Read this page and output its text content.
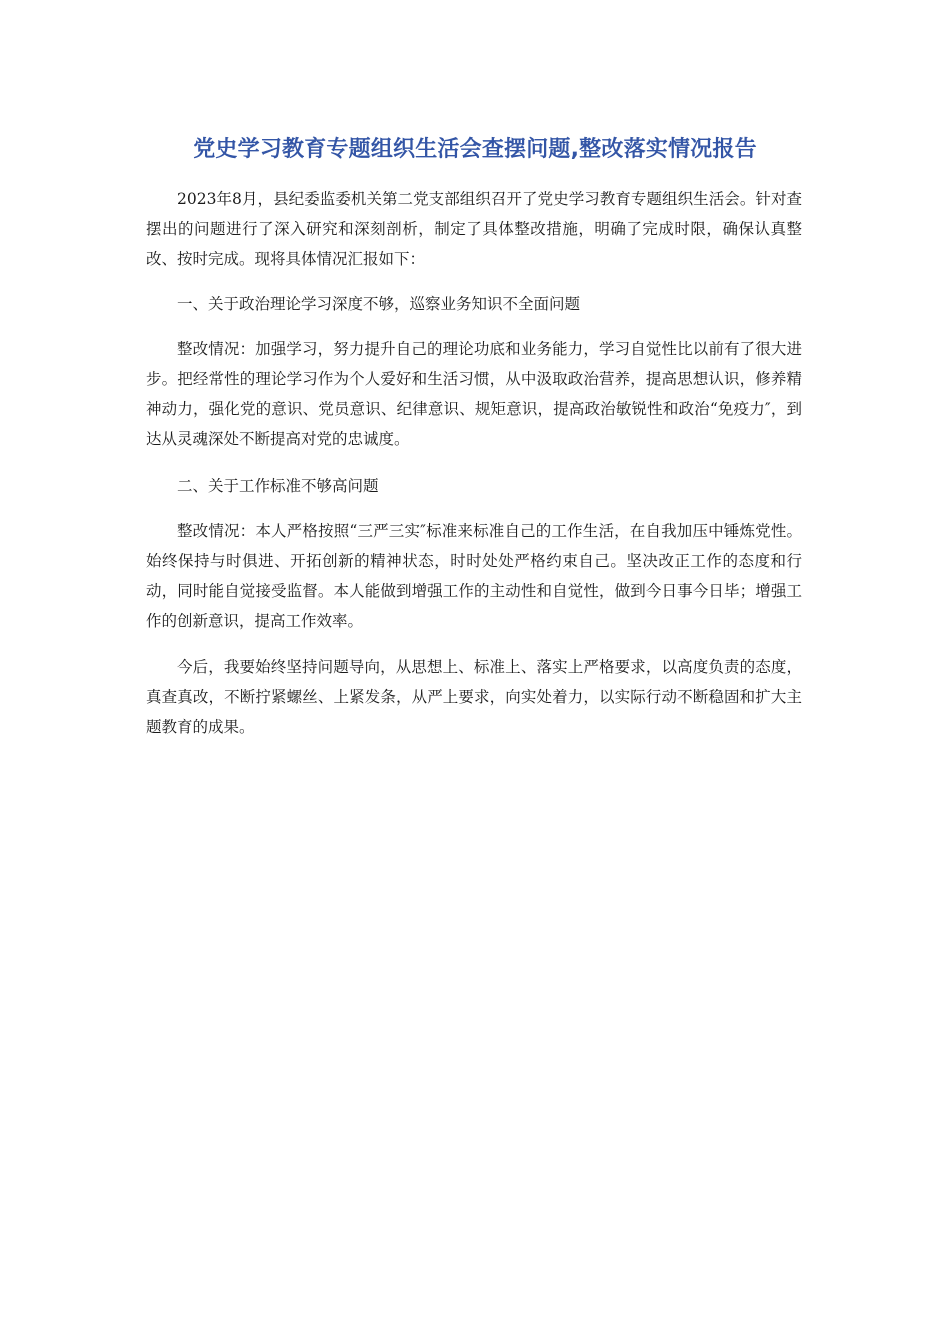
党史学习教育专题组织生活会查摆问题,整改落实情况报告

2023年8月，县纪委监委机关第二党支部组织召开了党史学习教育专题组织生活会。针对查摆出的问题进行了深入研究和深刻剖析，制定了具体整改措施，明确了完成时限，确保认真整改、按时完成。现将具体情况汇报如下：

一、关于政治理论学习深度不够，巡察业务知识不全面问题

整改情况：加强学习，努力提升自己的理论功底和业务能力，学习自觉性比以前有了很大进步。把经常性的理论学习作为个人爱好和生活习惯，从中汲取政治营养，提高思想认识，修养精神动力，强化党的意识、党员意识、纪律意识、规矩意识，提高政治敏锐性和政治“免疫力″，到达从灵魂深处不断提高对党的忠诚度。

二、关于工作标准不够高问题

整改情况：本人严格按照“三严三实″标准来标准自己的工作生活，在自我加压中锤炼党性。始终保持与时俱进、开拓创新的精神状态，时时处处严格约束自己。坚决改正工作的态度和行动，同时能自觉接受监督。本人能做到增强工作的主动性和自觉性，做到今日事今日毕；增强工作的创新意识，提高工作效率。

今后，我要始终坚持问题导向，从思想上、标准上、落实上严格要求，以高度负责的态度，真查真改，不断拧紧螺丝、上紧发条，从严上要求，向实处着力，以实际行动不断稳固和扩大主题教育的成果。
